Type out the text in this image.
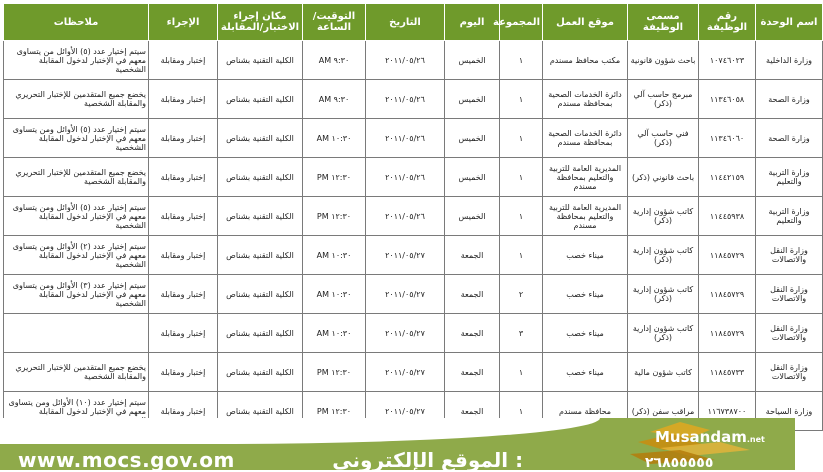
اسم الوحدة	رقم الوظيفة	مسمى الوظيفة	موقع العمل	المجموعة	اليوم	التاريخ	التوقيت/ الساعة	مكان إجراء الاختبار/المقابلة	الإجراء	ملاحظات
وزارة الداخلية	١٠٧٤٦٠٢٣	باحث شؤون قانونية	مكتب محافظ مسندم	١	الخميس	٢٠١١/٠٥/٢٦	٩:٣٠ AM	الكلية التقنية بشناص	إختبار ومقابلة	سيتم إختيار عدد (٥) الأوائل من يتساوى معهم في الإختبار لدخول المقابلة الشخصية
وزارة الصحة	١١٣٤٦٠٥٨	مبرمج حاسب آلي (ذكر)	دائرة الخدمات الصحية بمحافظة مسندم	١	الخميس	٢٠١١/٠٥/٢٦	٩:٣٠ AM	الكلية التقنية بشناص	إختبار ومقابلة	يخضع جميع المتقدمين للإختبار التحريري والمقابلة الشخصية
وزارة الصحة	١١٣٤٦٠٦٠	فني حاسب آلي (ذكر)	دائرة الخدمات الصحية بمحافظة مسندم	١	الخميس	٢٠١١/٠٥/٢٦	١٠:٣٠ AM	الكلية التقنية بشناص	إختبار ومقابلة	سيتم إختيار عدد (٥) الأوائل ومن يتساوى معهم في الإختبار لدخول المقابلة الشخصية
وزارة التربية والتعليم	١١٤٤٢١٥٩	باحث قانوني (ذكر)	المديرية العامة للتربية والتعليم بمحافظة مسندم	١	الخميس	٢٠١١/٠٥/٢٦	١٢:٣٠ PM	الكلية التقنية بشناص	إختبار ومقابلة	يخضع جميع المتقدمين للإختبار التحريري والمقابلة الشخصية
وزارة التربية والتعليم	١١٤٤٥٩٣٨	كاتب شؤون إدارية (ذكر)	المديرية العامة للتربية والتعليم بمحافظة مسندم	١	الخميس	٢٠١١/٠٥/٢٦	١٢:٣٠ PM	الكلية التقنية بشناص	إختبار ومقابلة	سيتم إختيار عدد (٥) الأوائل ومن يتساوى معهم في الإختبار لدخول المقابلة الشخصية
وزارة النقل والاتصالات	١١٨٤٥٧٢٩	كاتب شؤون إدارية (ذكر)	ميناء خصب	١	الجمعة	٢٠١١/٠٥/٢٧	١٠:٣٠ AM	الكلية التقنية بشناص	إختبار ومقابلة	سيتم إختيار عدد (٢) الأوائل ومن يتساوى معهم في الإختبار لدخول المقابلة الشخصية
وزارة النقل والاتصالات	١١٨٤٥٧٢٩	كاتب شؤون إدارية (ذكر)	ميناء خصب	٢	الجمعة	٢٠١١/٠٥/٢٧	١٠:٣٠ AM	الكلية التقنية بشناص	إختبار ومقابلة	سيتم إختيار عدد (٣) الأوائل ومن يتساوى معهم في الإختبار لدخول المقابلة الشخصية
وزارة النقل والاتصالات	١١٨٤٥٧٢٩	كاتب شؤون إدارية (ذكر)	ميناء خصب	٣	الجمعة	٢٠١١/٠٥/٢٧	١٠:٣٠ AM	الكلية التقنية بشناص	إختبار ومقابلة	
وزارة النقل والاتصالات	١١٨٤٥٧٣٣	كاتب شؤون مالية	ميناء خصب	١	الجمعة	٢٠١١/٠٥/٢٧	١٢:٣٠ PM	الكلية التقنية بشناص	إختبار ومقابلة	يخضع جميع المتقدمين للإختبار التحريري والمقابلة الشخصية
وزارة السياحة	١١٦٧٣٨٧٠٠	مراقب سفن (ذكر)	محافظة مسندم	١	الجمعة	٢٠١١/٠٥/٢٧	١٢:٣٠ PM	الكلية التقنية بشناص	إختبار ومقابلة	سيتم إختيار عدد (١٠) الأوائل ومن يتساوى معهم في الإختبار لدخول المقابلة
www.mocs.gov.om	الموقع الإلكتروني :
Musandam.net
٢٦٨٥٥٥٥٥
